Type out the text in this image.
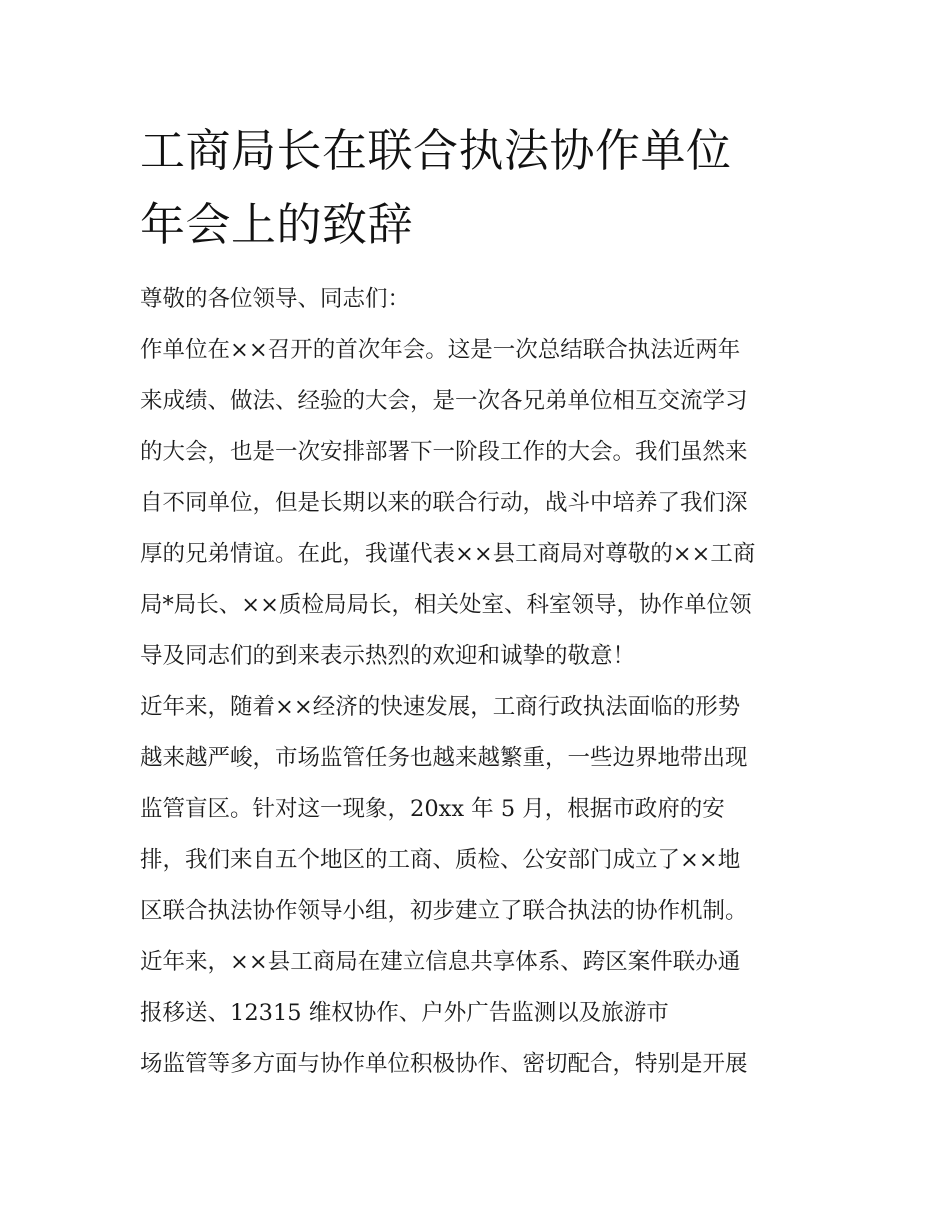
工商局长在联合执法协作单位
年会上的致辞
尊敬的各位领导、同志们：
作单位在××召开的首次年会。这是一次总结联合执法近两年
来成绩、做法、经验的大会，是一次各兄弟单位相互交流学习
的大会，也是一次安排部署下一阶段工作的大会。我们虽然来
自不同单位，但是长期以来的联合行动，战斗中培养了我们深
厚的兄弟情谊。在此，我谨代表××县工商局对尊敬的××工商
局*局长、××质检局局长，相关处室、科室领导，协作单位领
导及同志们的到来表示热烈的欢迎和诚挚的敬意！
近年来，随着××经济的快速发展，工商行政执法面临的形势
越来越严峻，市场监管任务也越来越繁重，一些边界地带出现
监管盲区。针对这一现象，20xx 年 5 月，根据市政府的安
排，我们来自五个地区的工商、质检、公安部门成立了××地
区联合执法协作领导小组，初步建立了联合执法的协作机制。
近年来，××县工商局在建立信息共享体系、跨区案件联办通
报移送、12315 维权协作、户外广告监测以及旅游市
场监管等多方面与协作单位积极协作、密切配合，特别是开展
